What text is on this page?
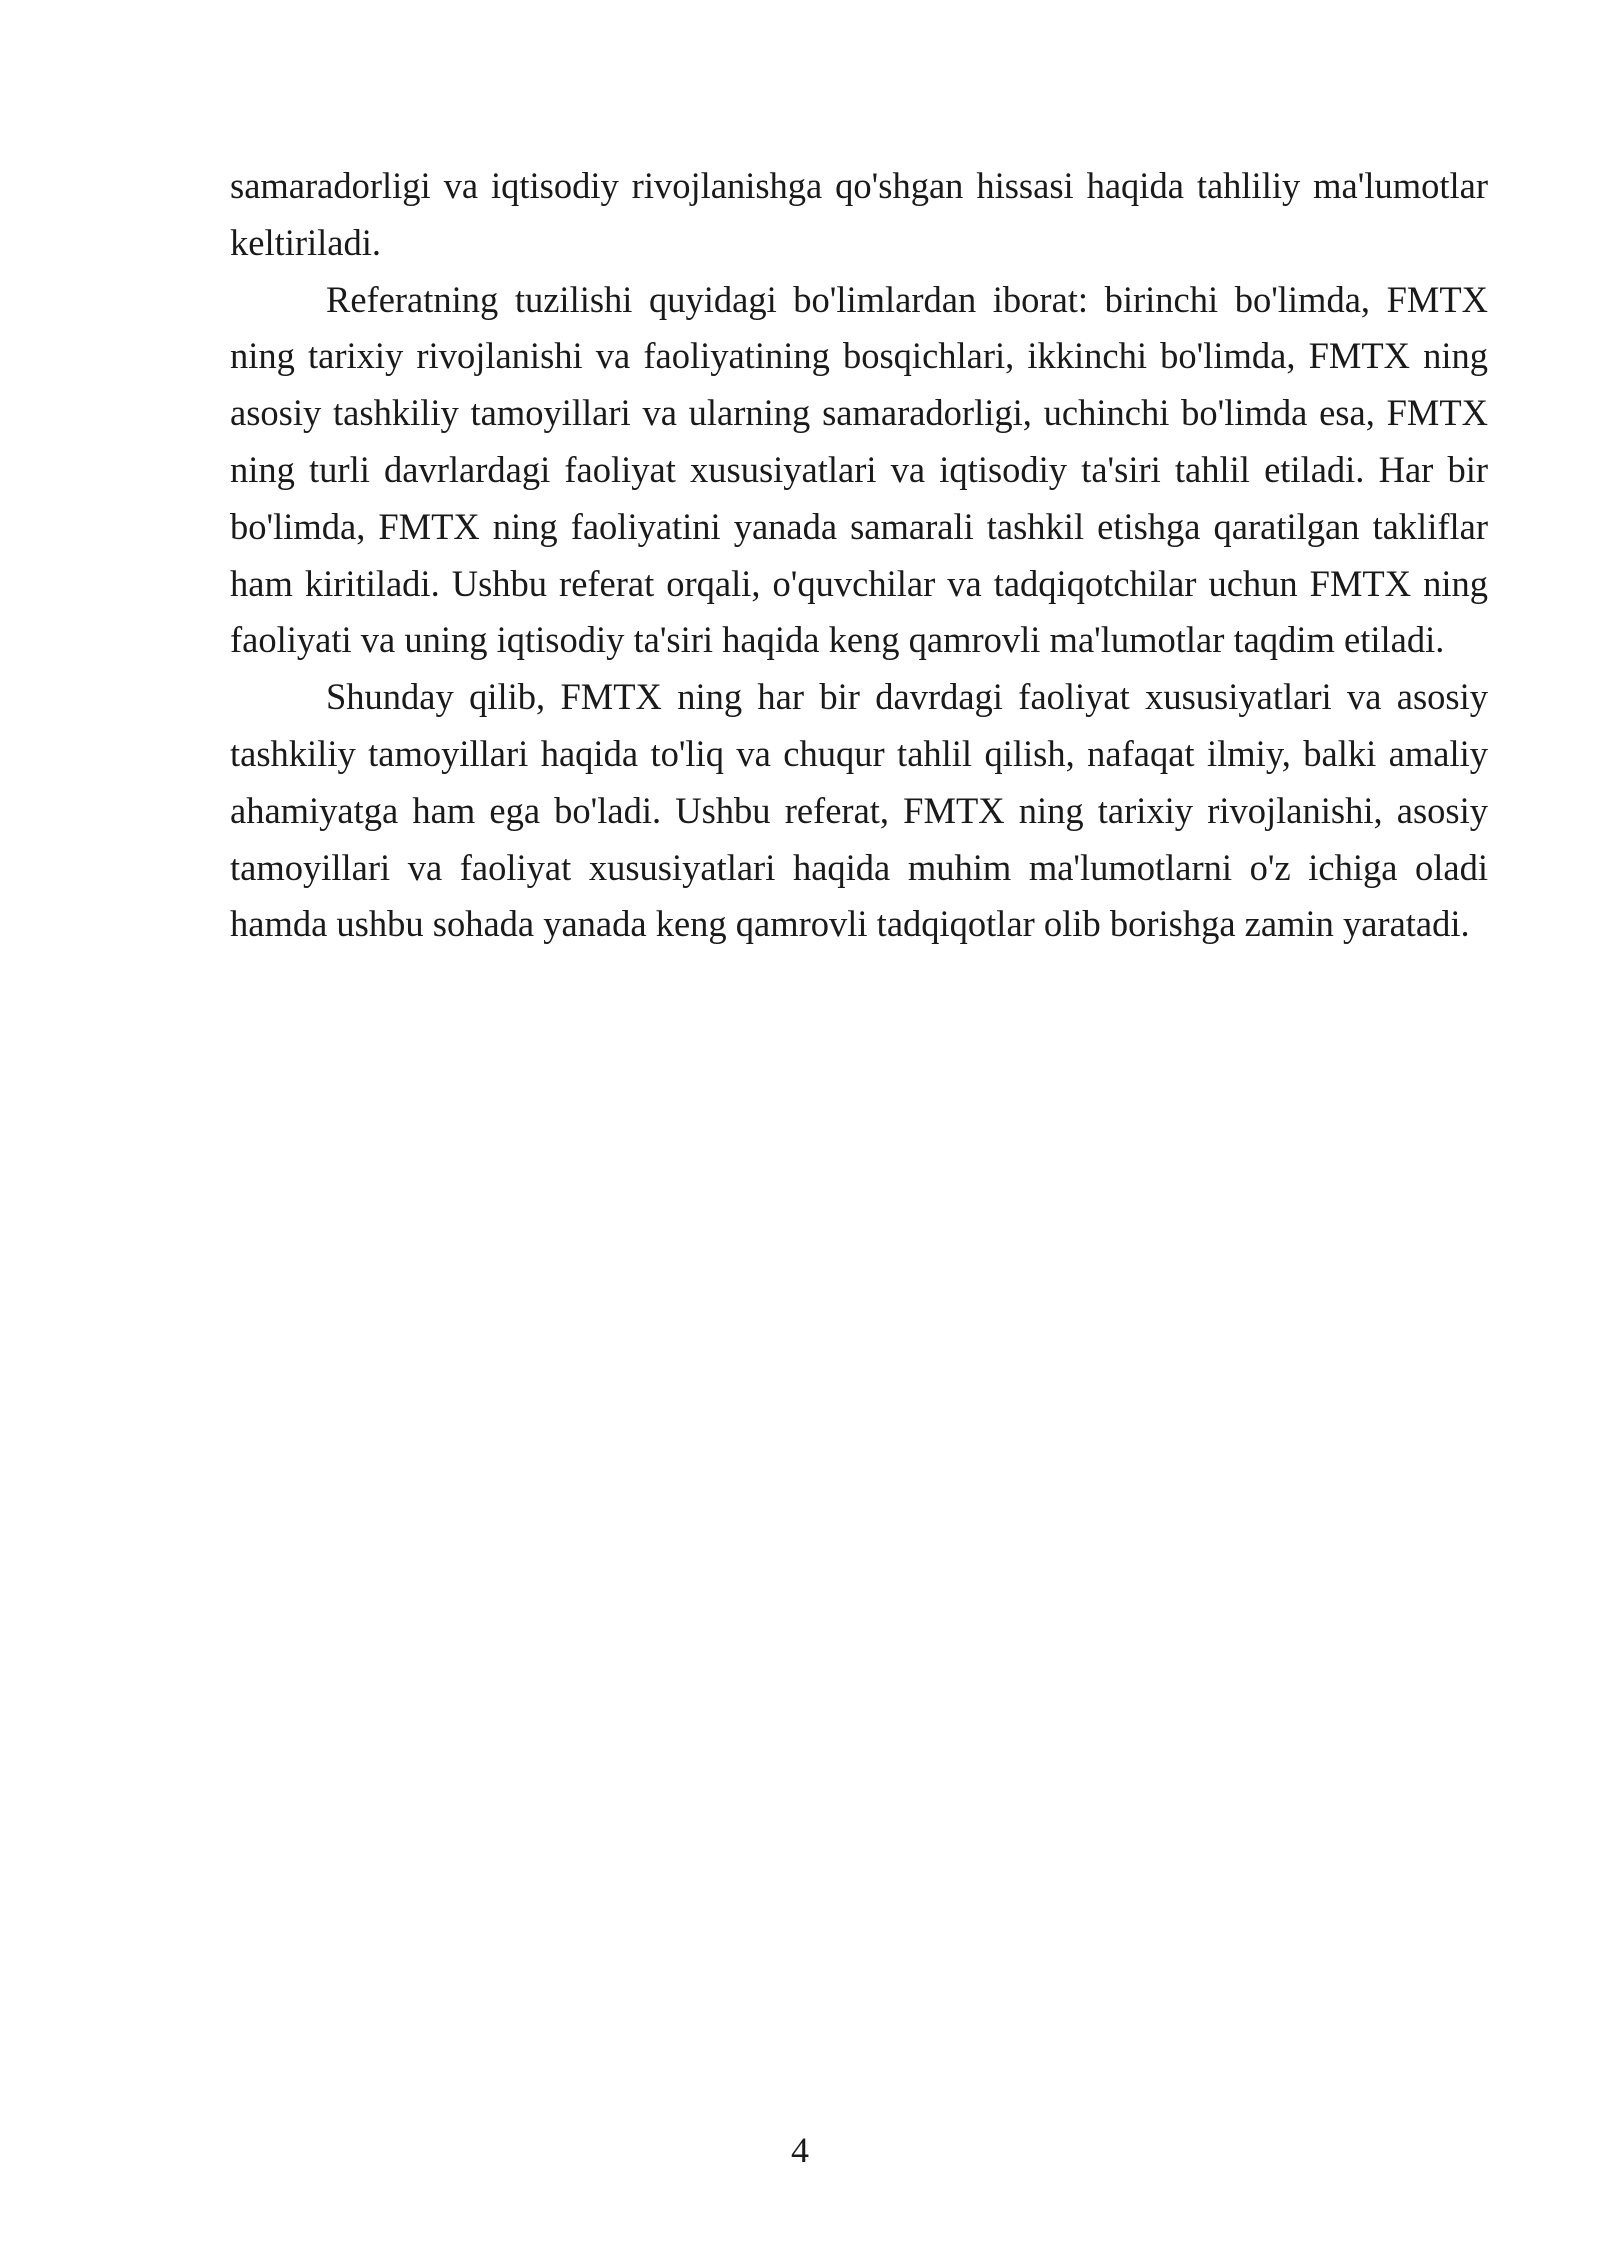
samaradorligi va iqtisodiy rivojlanishga qo'shgan hissasi haqida tahliliy ma'lumotlar keltiriladi.

Referatning tuzilishi quyidagi bo'limlardan iborat: birinchi bo'limda, FMTX ning tarixiy rivojlanishi va faoliyatining bosqichlari, ikkinchi bo'limda, FMTX ning asosiy tashkiliy tamoyillari va ularning samaradorligi, uchinchi bo'limda esa, FMTX ning turli davrlardagi faoliyat xususiyatlari va iqtisodiy ta'siri tahlil etiladi. Har bir bo'limda, FMTX ning faoliyatini yanada samarali tashkil etishga qaratilgan takliflar ham kiritiladi. Ushbu referat orqali, o'quvchilar va tadqiqotchilar uchun FMTX ning faoliyati va uning iqtisodiy ta'siri haqida keng qamrovli ma'lumotlar taqdim etiladi.

Shunday qilib, FMTX ning har bir davrdagi faoliyat xususiyatlari va asosiy tashkiliy tamoyillari haqida to'liq va chuqur tahlil qilish, nafaqat ilmiy, balki amaliy ahamiyatga ham ega bo'ladi. Ushbu referat, FMTX ning tarixiy rivojlanishi, asosiy tamoyillari va faoliyat xususiyatlari haqida muhim ma'lumotlarni o'z ichiga oladi hamda ushbu sohada yanada keng qamrovli tadqiqotlar olib borishga zamin yaratadi.

4
